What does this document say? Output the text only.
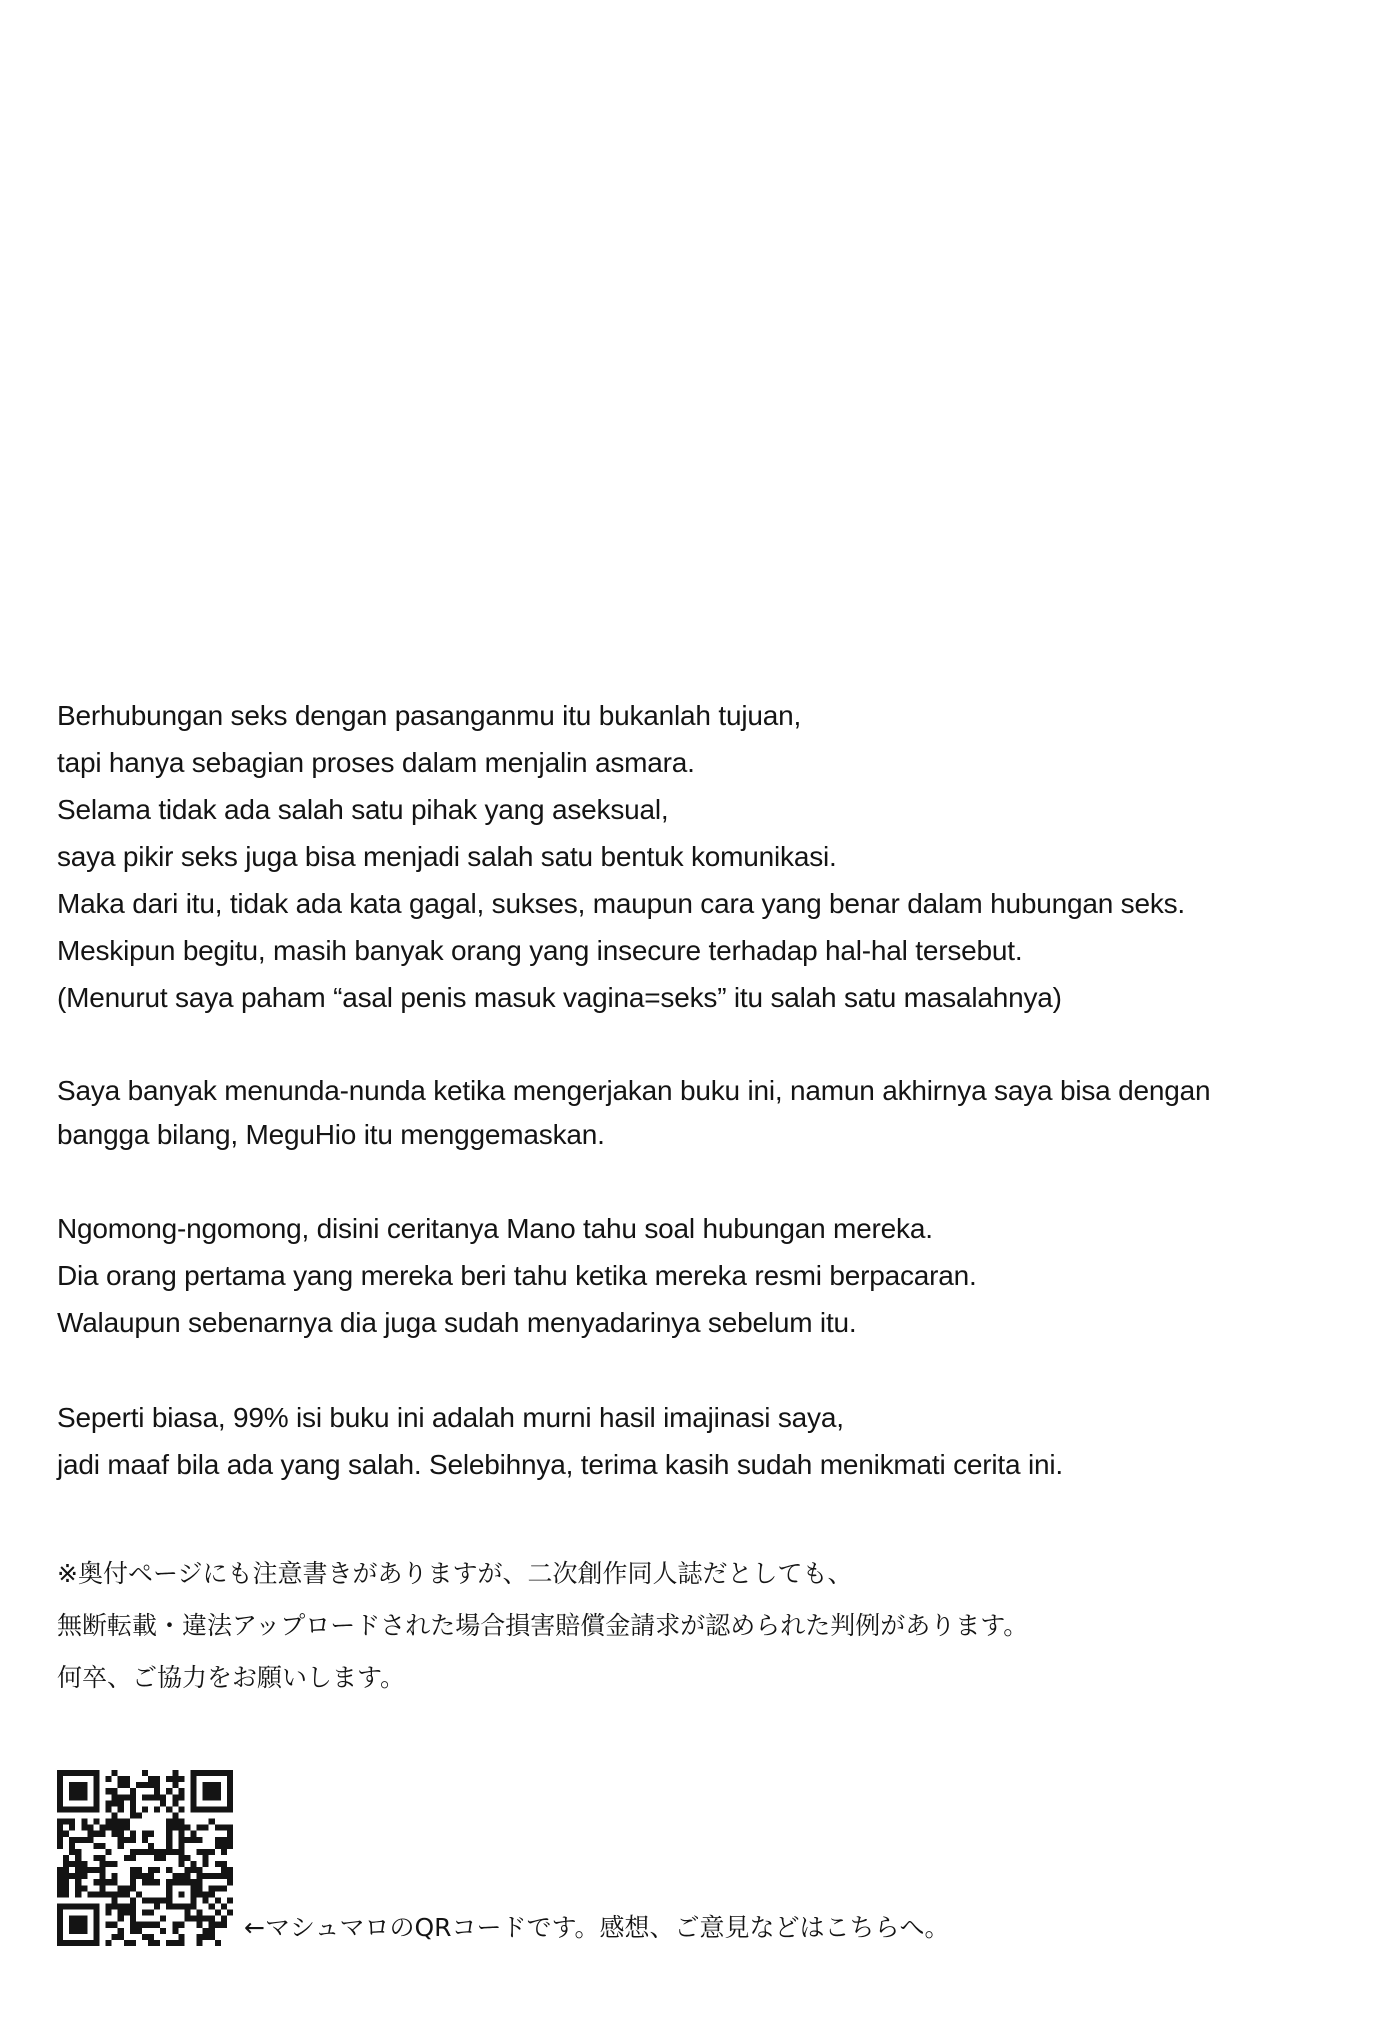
Berhubungan seks dengan pasanganmu itu bukanlah tujuan,
tapi hanya sebagian proses dalam menjalin asmara.
Selama tidak ada salah satu pihak yang aseksual,
saya pikir seks juga bisa menjadi salah satu bentuk komunikasi.
Maka dari itu, tidak ada kata gagal, sukses, maupun cara yang benar dalam hubungan seks.
Meskipun begitu, masih banyak orang yang insecure terhadap hal-hal tersebut.
(Menurut saya paham “asal penis masuk vagina=seks” itu salah satu masalahnya)

Saya banyak menunda-nunda ketika mengerjakan buku ini, namun akhirnya saya bisa dengan
bangga bilang, MeguHio itu menggemaskan.

Ngomong-ngomong, disini ceritanya Mano tahu soal hubungan mereka.
Dia orang pertama yang mereka beri tahu ketika mereka resmi berpacaran.
Walaupun sebenarnya dia juga sudah menyadarinya sebelum itu.

Seperti biasa, 99% isi buku ini adalah murni hasil imajinasi saya,
jadi maaf bila ada yang salah. Selebihnya, terima kasih sudah menikmati cerita ini.

※奥付ページにも注意書きがありますが、二次創作同人誌だとしても、
無断転載・違法アップロードされた場合損害賠償金請求が認められた判例があります。
何卒、ご協力をお願いします。
←マシュマロのQRコードです。感想、ご意見などはこちらへ。
